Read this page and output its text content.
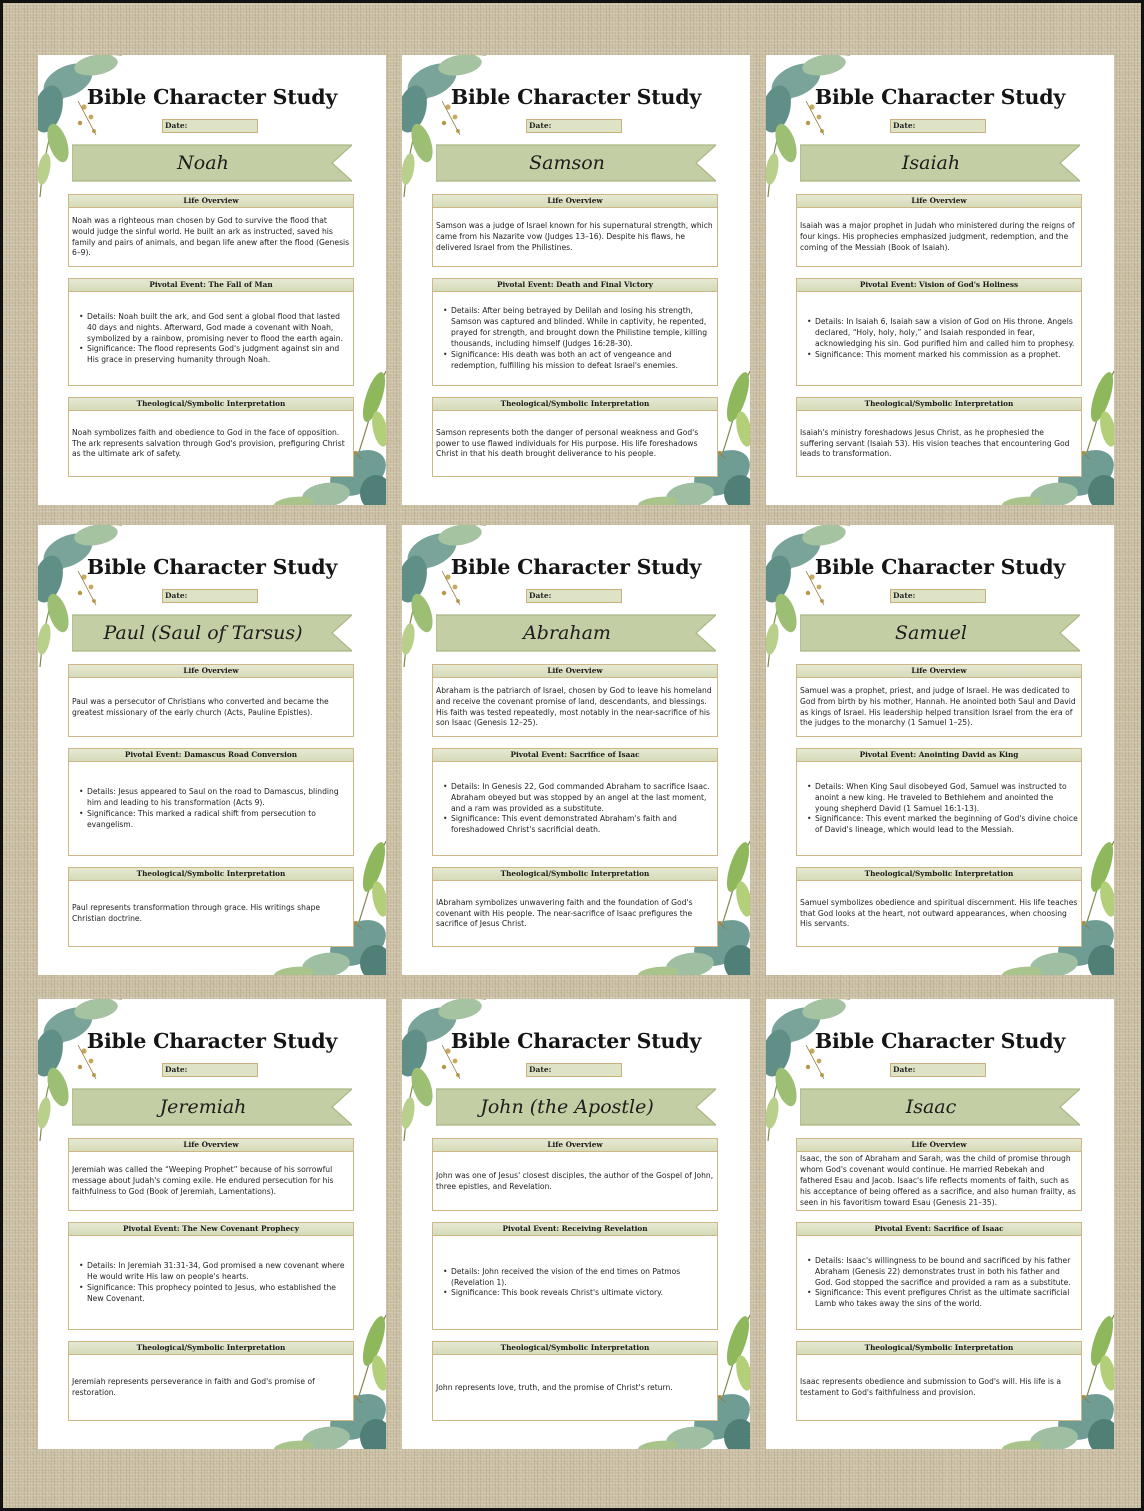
Bible Character Study
Date:
Noah
Life Overview
Noah was a righteous man chosen by God to survive the flood that would judge the sinful world. He built an ark as instructed, saved his family and pairs of animals, and began life anew after the flood (Genesis 6–9).
Pivotal Event: The Fall of Man
• Details: Noah built the ark, and God sent a global flood that lasted 40 days and nights. Afterward, God made a covenant with Noah, symbolized by a rainbow, promising never to flood the earth again.
• Significance: The flood represents God's judgment against sin and His grace in preserving humanity through Noah.
Theological/Symbolic Interpretation
Noah symbolizes faith and obedience to God in the face of opposition. The ark represents salvation through God's provision, prefiguring Christ as the ultimate ark of safety.
Bible Character Study
Date:
Samson
Life Overview
Samson was a judge of Israel known for his supernatural strength, which came from his Nazarite vow (Judges 13–16). Despite his flaws, he delivered Israel from the Philistines.
Pivotal Event: Death and Final Victory
• Details: After being betrayed by Delilah and losing his strength, Samson was captured and blinded. While in captivity, he repented, prayed for strength, and brought down the Philistine temple, killing thousands, including himself (Judges 16:28-30).
• Significance: His death was both an act of vengeance and redemption, fulfilling his mission to defeat Israel's enemies.
Theological/Symbolic Interpretation
Samson represents both the danger of personal weakness and God's power to use flawed individuals for His purpose. His life foreshadows Christ in that his death brought deliverance to his people.
Bible Character Study
Date:
Isaiah
Life Overview
Isaiah was a major prophet in Judah who ministered during the reigns of four kings. His prophecies emphasized judgment, redemption, and the coming of the Messiah (Book of Isaiah).
Pivotal Event: Vision of God's Holiness
• Details: In Isaiah 6, Isaiah saw a vision of God on His throne. Angels declared, “Holy, holy, holy,” and Isaiah responded in fear, acknowledging his sin. God purified him and called him to prophesy.
• Significance: This moment marked his commission as a prophet.
Theological/Symbolic Interpretation
Isaiah's ministry foreshadows Jesus Christ, as he prophesied the suffering servant (Isaiah 53). His vision teaches that encountering God leads to transformation.
Bible Character Study
Date:
Paul (Saul of Tarsus)
Life Overview
Paul was a persecutor of Christians who converted and became the greatest missionary of the early church (Acts, Pauline Epistles).
Pivotal Event: Damascus Road Conversion
• Details: Jesus appeared to Saul on the road to Damascus, blinding him and leading to his transformation (Acts 9).
• Significance: This marked a radical shift from persecution to evangelism.
Theological/Symbolic Interpretation
Paul represents transformation through grace. His writings shape Christian doctrine.
Bible Character Study
Date:
Abraham
Life Overview
Abraham is the patriarch of Israel, chosen by God to leave his homeland and receive the covenant promise of land, descendants, and blessings. His faith was tested repeatedly, most notably in the near-sacrifice of his son Isaac (Genesis 12–25).
Pivotal Event: Sacrifice of Isaac
• Details: In Genesis 22, God commanded Abraham to sacrifice Isaac. Abraham obeyed but was stopped by an angel at the last moment, and a ram was provided as a substitute.
• Significance: This event demonstrated Abraham's faith and foreshadowed Christ's sacrificial death.
Theological/Symbolic Interpretation
IAbraham symbolizes unwavering faith and the foundation of God's covenant with His people. The near-sacrifice of Isaac prefigures the sacrifice of Jesus Christ.
Bible Character Study
Date:
Samuel
Life Overview
Samuel was a prophet, priest, and judge of Israel. He was dedicated to God from birth by his mother, Hannah. He anointed both Saul and David as kings of Israel. His leadership helped transition Israel from the era of the judges to the monarchy (1 Samuel 1–25).
Pivotal Event: Anointing David as King
• Details: When King Saul disobeyed God, Samuel was instructed to anoint a new king. He traveled to Bethlehem and anointed the young shepherd David (1 Samuel 16:1-13).
• Significance: This event marked the beginning of God's divine choice of David's lineage, which would lead to the Messiah.
Theological/Symbolic Interpretation
Samuel symbolizes obedience and spiritual discernment. His life teaches that God looks at the heart, not outward appearances, when choosing His servants.
Bible Character Study
Date:
Jeremiah
Life Overview
Jeremiah was called the “Weeping Prophet” because of his sorrowful message about Judah's coming exile. He endured persecution for his faithfulness to God (Book of Jeremiah, Lamentations).
Pivotal Event: The New Covenant Prophecy
• Details: In Jeremiah 31:31-34, God promised a new covenant where He would write His law on people's hearts.
• Significance: This prophecy pointed to Jesus, who established the New Covenant.
Theological/Symbolic Interpretation
Jeremiah represents perseverance in faith and God's promise of restoration.
Bible Character Study
Date:
John (the Apostle)
Life Overview
John was one of Jesus' closest disciples, the author of the Gospel of John, three epistles, and Revelation.
Pivotal Event: Receiving Revelation
• Details: John received the vision of the end times on Patmos (Revelation 1).
• Significance: This book reveals Christ's ultimate victory.
Theological/Symbolic Interpretation
John represents love, truth, and the promise of Christ's return.
Bible Character Study
Date:
Isaac
Life Overview
Isaac, the son of Abraham and Sarah, was the child of promise through whom God's covenant would continue. He married Rebekah and fathered Esau and Jacob. Isaac's life reflects moments of faith, such as his acceptance of being offered as a sacrifice, and also human frailty, as seen in his favoritism toward Esau (Genesis 21–35).
Pivotal Event: Sacrifice of Isaac
• Details: Isaac's willingness to be bound and sacrificed by his father Abraham (Genesis 22) demonstrates trust in both his father and God. God stopped the sacrifice and provided a ram as a substitute.
• Significance: This event prefigures Christ as the ultimate sacrificial Lamb who takes away the sins of the world.
Theological/Symbolic Interpretation
Isaac represents obedience and submission to God's will. His life is a testament to God's faithfulness and provision.
